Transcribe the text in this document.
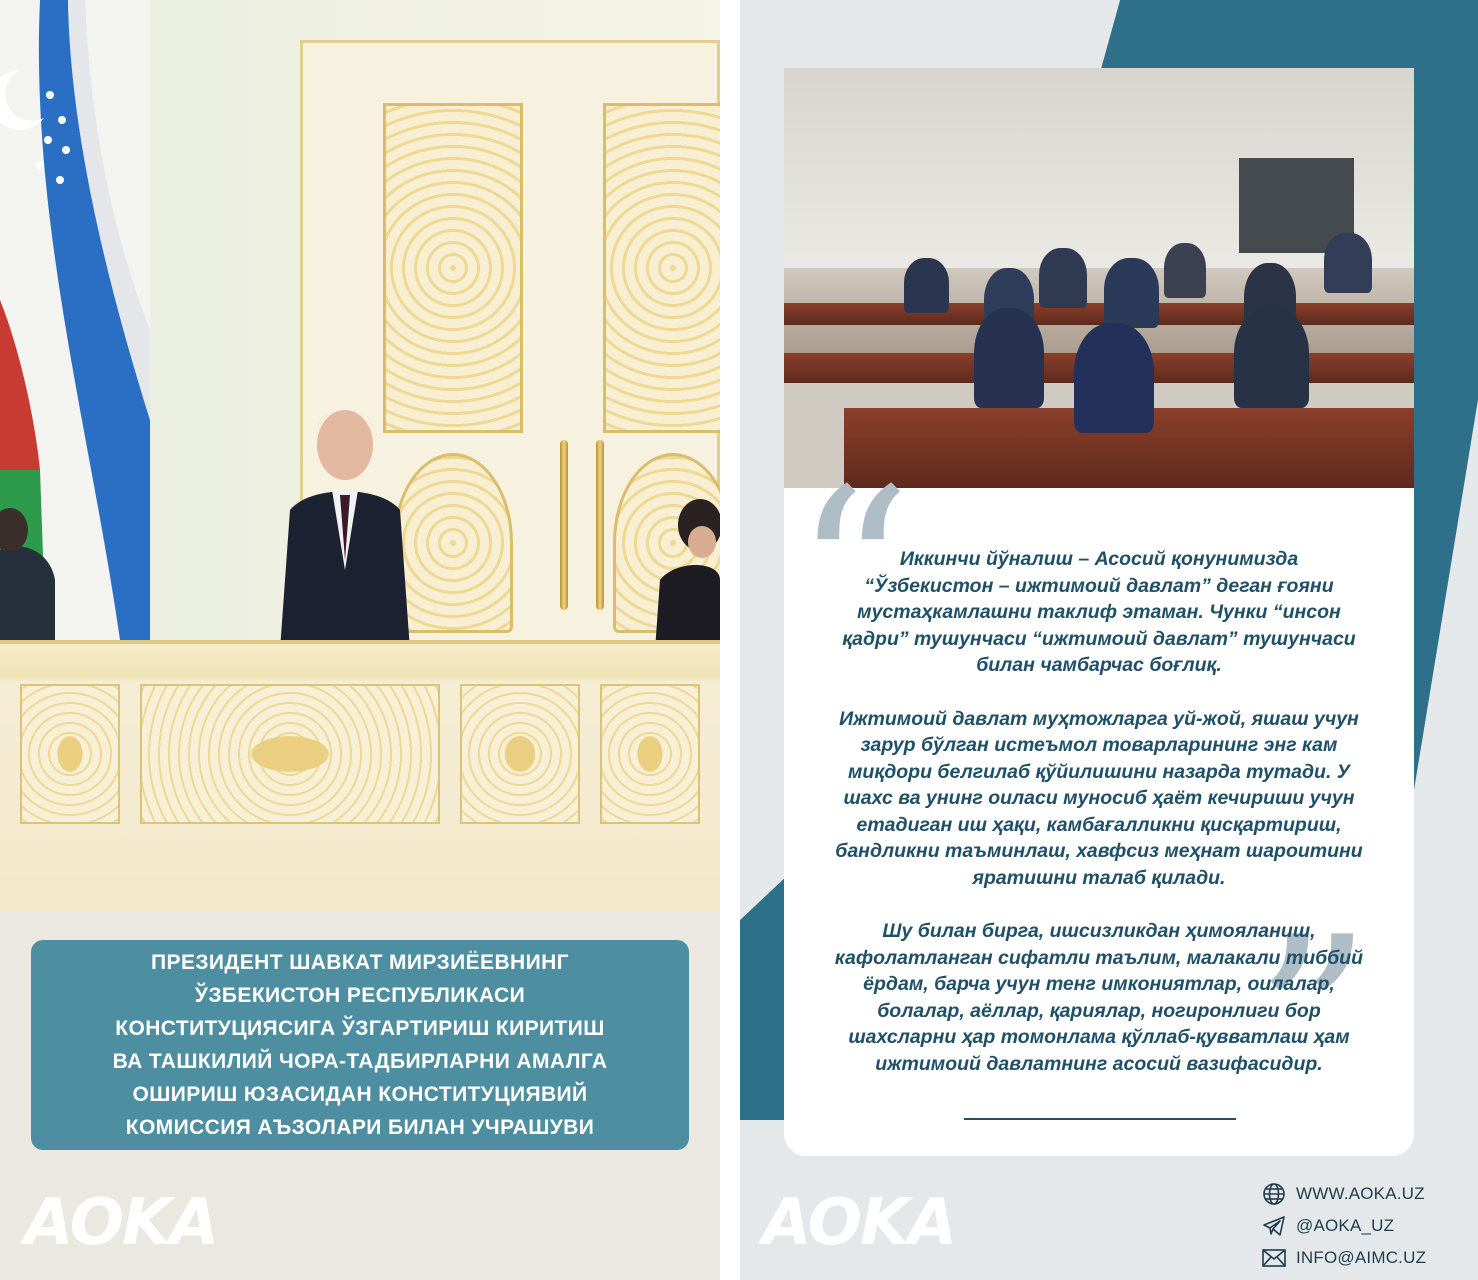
ПРЕЗИДЕНТ ШАВКАТ МИРЗИЁЕВНИНГ
ЎЗБЕКИСТОН РЕСПУБЛИКАСИ
КОНСТИТУЦИЯСИГА ЎЗГАРТИРИШ КИРИТИШ
ВА ТАШКИЛИЙ ЧОРА-ТАДБИРЛАРНИ АМАЛГА
ОШИРИШ ЮЗАСИДАН КОНСТИТУЦИЯВИЙ
КОМИССИЯ АЪЗОЛАРИ БИЛАН УЧРАШУВИ
AOKA
“
”

Иккинчи йўналиш – Асосий қонунимизда
“Ўзбекистон – ижтимоий давлат” деган ғояни
мустаҳкамлашни таклиф этаман. Чунки “инсон
қадри” тушунчаси “ижтимоий давлат” тушунчаси
билан чамбарчас боғлиқ.

Ижтимоий давлат муҳтожларга уй-жой, яшаш учун
зарур бўлган истеъмол товарларининг энг кам
миқдори белгилаб қўйилишини назарда тутади. У
шахс ва унинг оиласи муносиб ҳаёт кечириши учун
етадиган иш ҳақи, камбағалликни қисқартириш,
бандликни таъминлаш, хавфсиз меҳнат шароитини
яратишни талаб қилади.

Шу билан бирга, ишсизликдан ҳимояланиш,
кафолатланган сифатли таълим, малакали тиббий
ёрдам, барча учун тенг имкониятлар, оилалар,
болалар, аёллар, қариялар, ногиронлиги бор
шахсларни ҳар томонлама қўллаб-қувватлаш ҳам
ижтимоий давлатнинг асосий вазифасидир.

AOKA	WWW.AOKA.UZ
@AOKA_UZ
INFO@AIMC.UZ
